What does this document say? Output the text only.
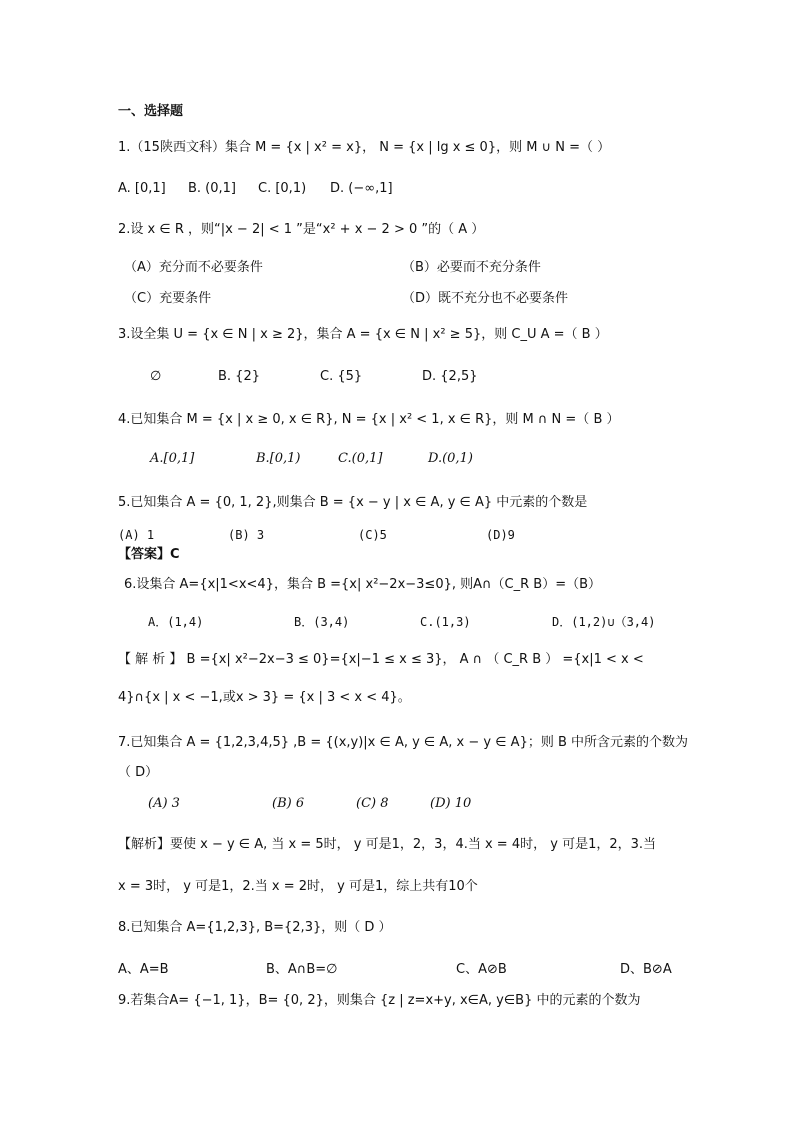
一、选择题
1.（15陕西文科）集合 M = {x | x² = x}， N = {x | lg x ≤ 0}，则 M ∪ N =（ ）
A. [0,1] B. (0,1] C. [0,1) D. (−∞,1]
2.设 x ∈ R ，则“|x − 2| < 1 ”是“x² + x − 2 > 0 ”的（ A ）
（A）充分而不必要条件	（B）必要而不充分条件
（C）充要条件	（D）既不充分也不必要条件
3.设全集 U = {x ∈ N | x ≥ 2}，集合 A = {x ∈ N | x² ≥ 5}，则 C_U A =（ B ）
∅	B. {2}	C. {5}	D. {2,5}
4.已知集合 M = {x | x ≥ 0, x ∈ R}, N = {x | x² < 1, x ∈ R}，则 M ∩ N =（ B ）
A.[0,1]	B.[0,1)	C.(0,1]	D.(0,1)
5.已知集合 A = {0, 1, 2},则集合 B = {x − y | x ∈ A, y ∈ A} 中元素的个数是
(A) 1	(B) 3	(C)5	(D)9
【答案】C
6.设集合 A={x|1<x<4}，集合 B ={x| x²−2x−3≤0}, 则A∩（C_R B）=（B）
A．(1,4)	B．(3,4)	C.(1,3)	D．(1,2)∪（3,4)
【 解 析 】 B ={x| x²−2x−3 ≤ 0}={x|−1 ≤ x ≤ 3}， A ∩ （ C_R B ） ={x|1 < x <
4}∩{x | x < −1,或x > 3} = {x | 3 < x < 4}。
7.已知集合 A = {1,2,3,4,5} ,B = {(x,y)|x ∈ A, y ∈ A, x − y ∈ A}；则 B 中所含元素的个数为
（ D）
(A) 3	(B) 6	(C) 8	(D) 10
【解析】要使 x − y ∈ A, 当 x = 5时， y 可是1，2，3，4.当 x = 4时， y 可是1，2，3.当
x = 3时， y 可是1，2.当 x = 2时， y 可是1，综上共有10个
8.已知集合 A={1,2,3}, B={2,3}，则（ D ）
A、A=B	B、A∩B=∅	C、A⊘B	D、B⊘A
9.若集合A= {−1, 1}，B= {0, 2}，则集合 {z | z=x+y, x∈A, y∈B} 中的元素的个数为
